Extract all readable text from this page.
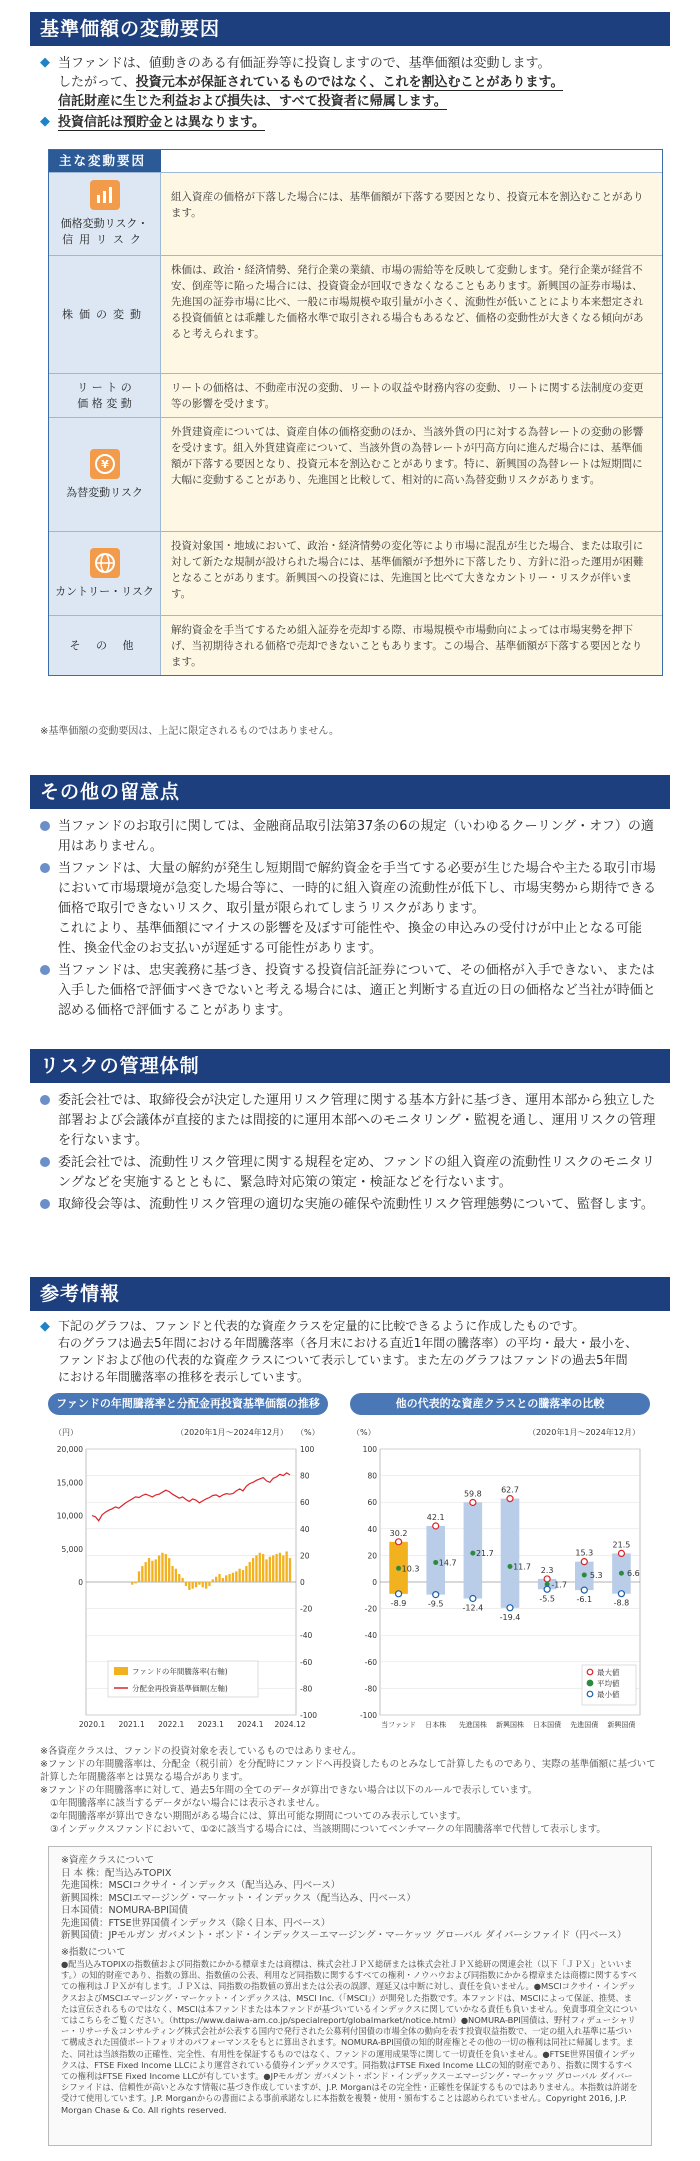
基準価額の変動要因
◆ 当ファンドは、値動きのある有価証券等に投資しますので、基準価額は変動します。
したがって、投資元本が保証されているものではなく、これを割込むことがあります。
信託財産に生じた利益および損失は、すべて投資者に帰属します。
◆ 投資信託は預貯金とは異なります。
主な変動要因
価格変動リスク・
信用リスク
組入資産の価格が下落した場合には、基準価額が下落する要因となり、投資元本を割込むことがあります。
株価の変動
株価は、政治・経済情勢、発行企業の業績、市場の需給等を反映して変動します。発行企業が経営不安、倒産等に陥った場合には、投資資金が回収できなくなることもあります。新興国の証券市場は、先進国の証券市場に比べ、一般に市場規模や取引量が小さく、流動性が低いことにより本来想定される投資価値とは乖離した価格水準で取引される場合もあるなど、価格の変動性が大きくなる傾向があると考えられます。
リ ー ト の
価 格 変 動
リートの価格は、不動産市況の変動、リートの収益や財務内容の変動、リートに関する法制度の変更等の影響を受けます。
¥
為替変動リスク
外貨建資産については、資産自体の価格変動のほか、当該外貨の円に対する為替レートの変動の影響を受けます。組入外貨建資産について、当該外貨の為替レートが円高方向に進んだ場合には、基準価額が下落する要因となり、投資元本を割込むことがあります。特に、新興国の為替レートは短期間に大幅に変動することがあり、先進国と比較して、相対的に高い為替変動リスクがあります。
カントリー・リスク
投資対象国・地域において、政治・経済情勢の変化等により市場に混乱が生じた場合、または取引に対して新たな規制が設けられた場合には、基準価額が予想外に下落したり、方針に沿った運用が困難となることがあります。新興国への投資には、先進国と比べて大きなカントリー・リスクが伴います。
そ の 他
解約資金を手当てするため組入証券を売却する際、市場規模や市場動向によっては市場実勢を押下げ、当初期待される価格で売却できないこともあります。この場合、基準価額が下落する要因となります。
※基準価額の変動要因は、上記に限定されるものではありません。
その他の留意点
当ファンドのお取引に関しては、金融商品取引法第37条の6の規定（いわゆるクーリング・オフ）の適用はありません。
当ファンドは、大量の解約が発生し短期間で解約資金を手当てする必要が生じた場合や主たる取引市場において市場環境が急変した場合等に、一時的に組入資産の流動性が低下し、市場実勢から期待できる価格で取引できないリスク、取引量が限られてしまうリスクがあります。
これにより、基準価額にマイナスの影響を及ぼす可能性や、換金の申込みの受付けが中止となる可能性、換金代金のお支払いが遅延する可能性があります。
当ファンドは、忠実義務に基づき、投資する投資信託証券について、その価格が入手できない、または入手した価格で評価すべきでないと考える場合には、適正と判断する直近の日の価格など当社が時価と認める価格で評価することがあります。
リスクの管理体制
委託会社では、取締役会が決定した運用リスク管理に関する基本方針に基づき、運用本部から独立した部署および会議体が直接的または間接的に運用本部へのモニタリング・監視を通し、運用リスクの管理を行ないます。
委託会社では、流動性リスク管理に関する規程を定め、ファンドの組入資産の流動性リスクのモニタリングなどを実施するとともに、緊急時対応策の策定・検証などを行ないます。
取締役会等は、流動性リスク管理の適切な実施の確保や流動性リスク管理態勢について、監督します。
参考情報
◆ 下記のグラフは、ファンドと代表的な資産クラスを定量的に比較できるように作成したものです。
右のグラフは過去5年間における年間騰落率（各月末における直近1年間の騰落率）の平均・最大・最小を、
ファンドおよび他の代表的な資産クラスについて表示しています。また左のグラフはファンドの過去5年間
における年間騰落率の推移を表示しています。
ファンドの年間騰落率と分配金再投資基準価額の推移
（円）	（%）
（2020年1月～2024年12月）
100
80
60
40
20
0
-20
-40
-60
-80
-100
20,000
15,000
10,000
5,000
0
2020.1 2021.1 2022.1 2023.1 2024.1 2024.12
ファンドの年間騰落率(右軸)
分配金再投資基準価額(左軸)
他の代表的な資産クラスとの騰落率の比較
（%）	（2020年1月～2024年12月）
100
80
60
40
20
0
-20
-40
-60
-80
-100
30.2
10.3
-8.9
当ファンド
42.1
14.7
-9.5
日本株
59.8
21.7
-12.4
先進国株
62.7
11.7
-19.4
新興国株
2.3
-1.7
-5.5
日本国債
15.3
5.3
-6.1
先進国債
21.5
6.6
-8.8
新興国債
最大値
平均値
最小値
※各資産クラスは、ファンドの投資対象を表しているものではありません。
※ファンドの年間騰落率は、分配金（税引前）を分配時にファンドへ再投資したものとみなして計算したものであり、実際の基準価額に基づいて計算した年間騰落率とは異なる場合があります。
※ファンドの年間騰落率に対して、過去5年間の全てのデータが算出できない場合は以下のルールで表示しています。
①年間騰落率に該当するデータがない場合には表示されません。
②年間騰落率が算出できない期間がある場合には、算出可能な期間についてのみ表示しています。
③インデックスファンドにおいて、①②に該当する場合には、当該期間についてベンチマークの年間騰落率で代替して表示します。

※資産クラスについて

日 本 株：配当込みTOPIX

先進国株：MSCIコクサイ・インデックス（配当込み、円ベース）

新興国株：MSCIエマージング・マーケット・インデックス（配当込み、円ベース）

日本国債：NOMURA-BPI国債

先進国債：FTSE世界国債インデックス（除く日本、円ベース）

新興国債：JPモルガン ガバメント・ボンド・インデックス－エマージング・マーケッツ グローバル ダイバーシファイド（円ベース）

※指数について

●配当込みTOPIXの指数値および同指数にかかる標章または商標は、株式会社ＪＰＸ総研または株式会社ＪＰＸ総研の関連会社（以下「ＪＰＸ」といいます。）の知的財産であり、指数の算出、指数値の公表、利用など同指数に関するすべての権利・ノウハウおよび同指数にかかる標章または商標に関するすべての権利はＪＰＸが有します。ＪＰＸは、同指数の指数値の算出または公表の誤謬、遅延又は中断に対し、責任を負いません。●MSCIコクサイ・インデックスおよびMSCIエマージング・マーケット・インデックスは、MSCI Inc.（「MSCI」）が開発した指数です。本ファンドは、MSCIによって保証、推奨、または宣伝されるものではなく、MSCIは本ファンドまたは本ファンドが基づいているインデックスに関していかなる責任も負いません。免責事項全文についてはこちらをご覧ください。（https://www.daiwa-am.co.jp/specialreport/globalmarket/notice.html）●NOMURA-BPI国債は、野村フィデューシャリー・リサーチ＆コンサルティング株式会社が公表する国内で発行された公募利付国債の市場全体の動向を表す投資収益指数で、一定の組入れ基準に基づいて構成された国債ポートフォリオのパフォーマンスをもとに算出されます。NOMURA-BPI国債の知的財産権とその他の一切の権利は同社に帰属します。また、同社は当該指数の正確性、完全性、有用性を保証するものではなく、ファンドの運用成果等に関して一切責任を負いません。●FTSE世界国債インデックスは、FTSE Fixed Income LLCにより運営されている債券インデックスです。同指数はFTSE Fixed Income LLCの知的財産であり、指数に関するすべての権利はFTSE Fixed Income LLCが有しています。●JPモルガン ガバメント・ボンド・インデックス－エマージング・マーケッツ グローバル ダイバーシファイドは、信頼性が高いとみなす情報に基づき作成していますが、J.P. Morganはその完全性・正確性を保証するものではありません。本指数は許諾を受けて使用しています。J.P. Morganからの書面による事前承諾なしに本指数を複製・使用・頒布することは認められていません。Copyright 2016, J.P. Morgan Chase & Co. All rights reserved.
